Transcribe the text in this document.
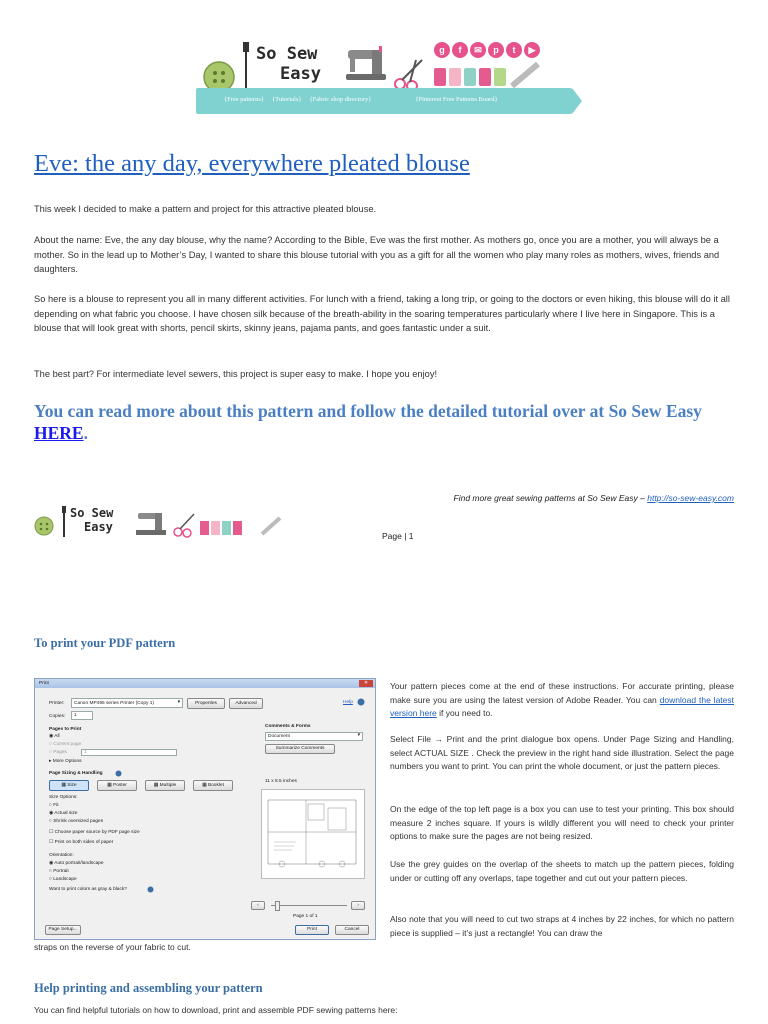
So Sew
Easy
g	f	✉	p	t	▶
{Free patterns} {Tutorials} {Fabric shop directory}	{Pinterest Free Patterns Board}
Eve: the any day, everywhere pleated blouse

This week I decided to make a pattern and project for this attractive pleated blouse.

About the name: Eve, the any day blouse, why the name? According to the Bible, Eve was the first mother. As mothers go, once you are a mother, you will always be a mother. So in the lead up to Mother’s Day, I wanted to share this blouse tutorial with you as a gift for all the women who play many roles as mothers, wives, friends and daughters.

So here is a blouse to represent you all in many different activities. For lunch with a friend, taking a long trip, or going to the doctors or even hiking, this blouse will do it all depending on what fabric you choose. I have chosen silk because of the breath-ability in the soaring temperatures particularly where I live here in Singapore. This is a blouse that will look great with shorts, pencil skirts, skinny jeans, pajama pants, and goes fantastic under a suit.

The best part? For intermediate level sewers, this project is super easy to make. I hope you enjoy!

You can read more about this pattern and follow the detailed tutorial over at So Sew Easy HERE.

So Sew
Easy
Find more great sewing patterns at So Sew Easy – http://so-sew-easy.com
Page | 1
To print your PDF pattern

Your pattern pieces come at the end of these instructions. For accurate printing, please make sure you are using the latest version of Adobe Reader. You can download the latest version here if you need to.

Select File → Print and the print dialogue box opens. Under Page Sizing and Handling, select ACTUAL SIZE . Check the preview in the right hand side illustration. Select the page numbers you want to print. You can print the whole document, or just the pattern pieces.

On the edge of the top left page is a box you can use to test your printing. This box should measure 2 inches square. If yours is wildly different you will need to check your printer options to make sure the pages are not being resized.

Use the grey guides on the overlap of the sheets to match up the pattern pieces, folding under or cutting off any overlaps, tape together and cut out your pattern pieces.

Also note that you will need to cut two straps at 4 inches by 22 inches, for which no pattern piece is supplied – it’s just a rectangle! You can draw the

straps on the reverse of your fabric to cut.

Print	✕
Printer:	Canon MP495 series Printer (Copy 1)	▾	Properties	Advanced	Help
Copies:	1
Pages to Print
◉ All
○ Current page
○ Pages	1
▸ More Options
Page Sizing & Handling
▦ Size	▦ Poster	▦ Multiple	▦ Booklet
Size Options:
○ Fit
◉ Actual size
○ Shrink oversized pages
☐ Choose paper source by PDF page size
☐ Print on both sides of paper
Orientation:
◉ Auto portrait/landscape
○ Portrait
○ Landscape
Want to print colors as gray & black?
Comments & Forms
Document	▾
Summarize Comments
11 x 8.5 inches
‹	›
Page 1 of 1
Page Setup...	Print	Cancel
Help printing and assembling your pattern

You can find helpful tutorials on how to download, print and assemble PDF sewing patterns here:
